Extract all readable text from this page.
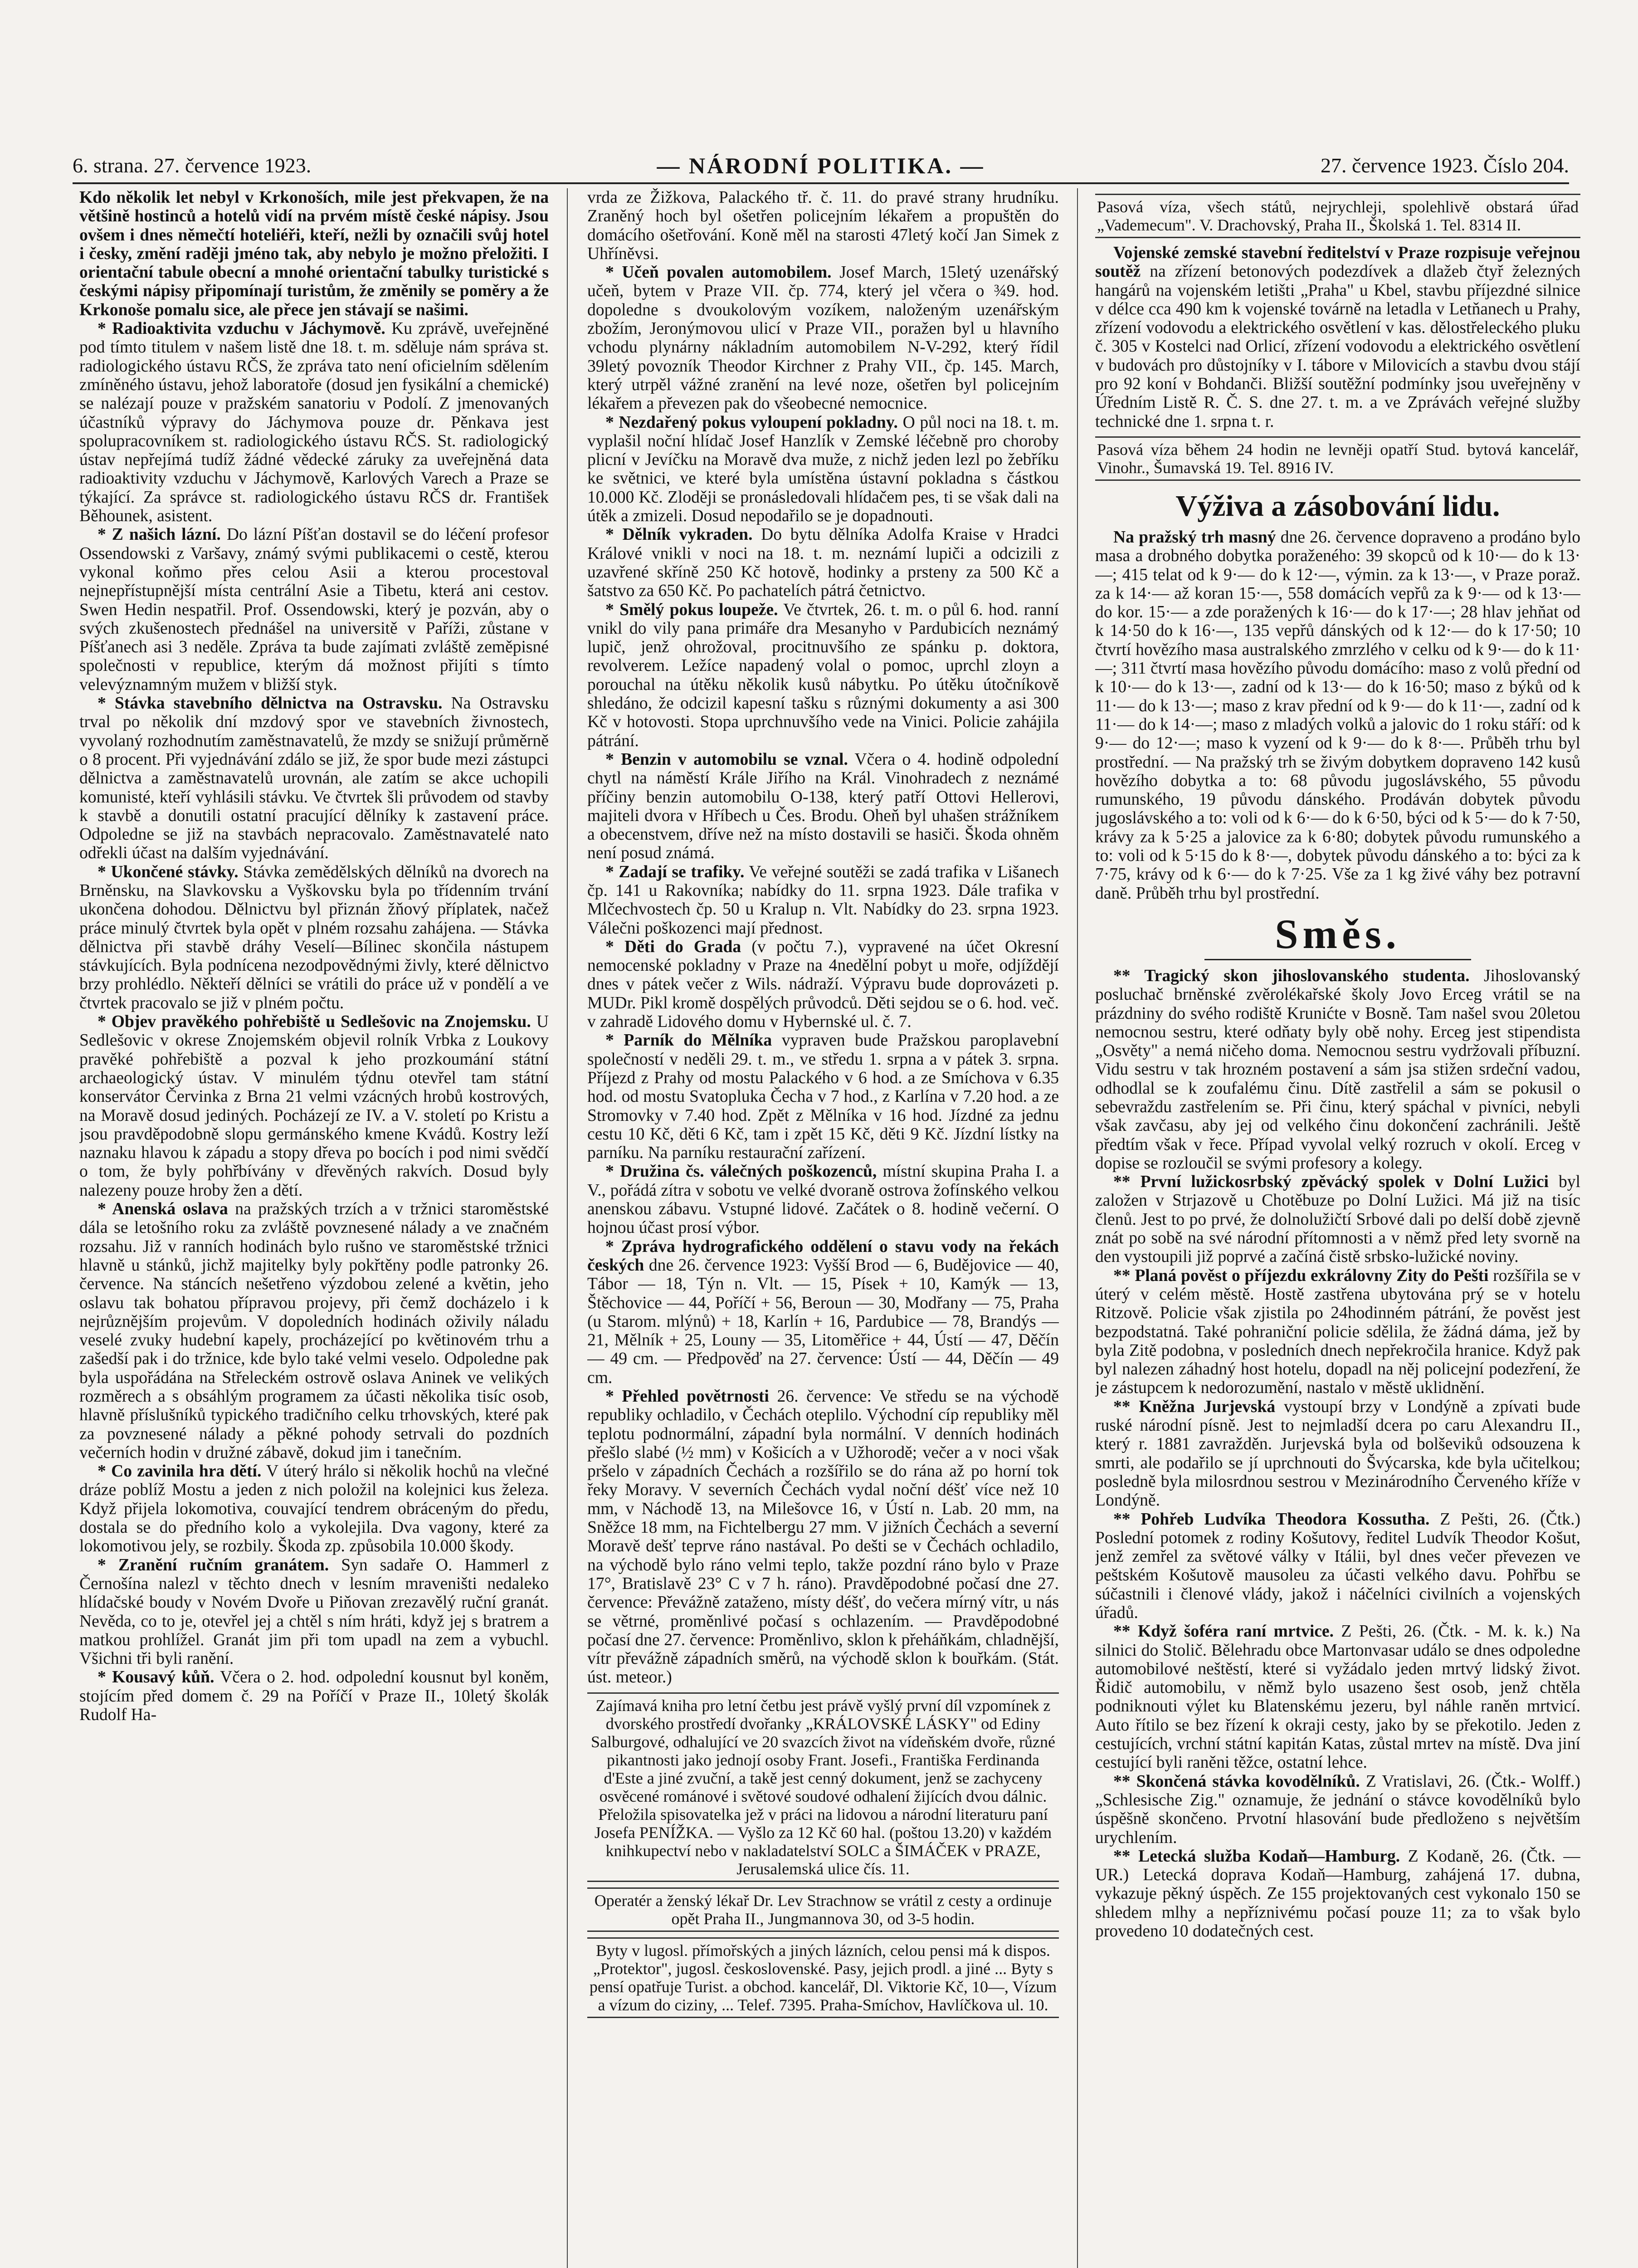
6. strana. 27. července 1923.	— NÁRODNÍ POLITIKA. —	27. července 1923. Číslo 204.

Kdo několik let nebyl v Krkonoších, mile jest překvapen, že na většině hostinců a hotelů vidí na prvém místě české nápisy. Jsou ovšem i dnes němečtí hoteliéři, kteří, nežli by označili svůj hotel i česky, změní raději jméno tak, aby nebylo je možno přeložiti. I orientační tabule obecní a mnohé orientační tabulky turistické s českými nápisy připomínají turistům, že změnily se poměry a že Krkonoše pomalu sice, ale přece jen stávají se našimi.

* Radioaktivita vzduchu v Jáchymově. Ku zprávě, uveřejněné pod tímto titulem v našem listě dne 18. t. m. sděluje nám správa st. radiologického ústavu RČS, že zpráva tato není oficielním sdělením zmíněného ústavu, jehož laboratoře (dosud jen fysikální a chemické) se nalézají pouze v pražském sanatoriu v Podolí. Z jmenovaných účastníků výpravy do Jáchymova pouze dr. Pěnkava jest spolupracovníkem st. radiologického ústavu RČS. St. radiologický ústav nepřejímá tudíž žádné vědecké záruky za uveřejněná data radioaktivity vzduchu v Jáchymově, Karlových Varech a Praze se týkající. Za správce st. radiologického ústavu RČS dr. František Běhounek, asistent.

* Z našich lázní. Do lázní Píšťan dostavil se do léčení profesor Ossendowski z Varšavy, známý svými publikacemi o cestě, kterou vykonal koňmo přes celou Asii a kterou procestoval nejnepřístupnější místa centrální Asie a Tibetu, která ani cestov. Swen Hedin nespatřil. Prof. Ossendowski, který je pozván, aby o svých zkušenostech přednášel na universitě v Paříži, zůstane v Píšťanech asi 3 neděle. Zpráva ta bude zajímati zvláště zeměpisné společnosti v republice, kterým dá možnost přijíti s tímto velevýznamným mužem v bližší styk.

* Stávka stavebního dělnictva na Ostravsku. Na Ostravsku trval po několik dní mzdový spor ve stavebních živnostech, vyvolaný rozhodnutím zaměstnavatelů, že mzdy se snižují průměrně o 8 procent. Při vyjednávání zdálo se již, že spor bude mezi zástupci dělnictva a zaměstnavatelů urovnán, ale zatím se akce uchopili komunisté, kteří vyhlásili stávku. Ve čtvrtek šli průvodem od stavby k stavbě a donutili ostatní pracující dělníky k zastavení práce. Odpoledne se již na stavbách nepracovalo. Zaměstnavatelé nato odřekli účast na dalším vyjednávání.

* Ukončené stávky. Stávka zemědělských dělníků na dvorech na Brněnsku, na Slavkovsku a Vyškovsku byla po třídenním trvání ukončena dohodou. Dělnictvu byl přiznán žňový příplatek, načež práce minulý čtvrtek byla opět v plném rozsahu zahájena. — Stávka dělnictva při stavbě dráhy Veselí—Bílinec skončila nástupem stávkujících. Byla podnícena nezodpovědnými živly, které dělnictvo brzy prohlédlo. Někteří dělníci se vrátili do práce už v pondělí a ve čtvrtek pracovalo se již v plném počtu.

* Objev pravěkého pohřebiště u Sedlešovic na Znojemsku. U Sedlešovic v okrese Znojemském objevil rolník Vrbka z Loukovy pravěké pohřebiště a pozval k jeho prozkoumání státní archaeologický ústav. V minulém týdnu otevřel tam státní konservátor Červinka z Brna 21 velmi vzácných hrobů kostrových, na Moravě dosud jediných. Pocházejí ze IV. a V. století po Kristu a jsou pravděpodobně slopu germánského kmene Kvádů. Kostry leží naznaku hlavou k západu a stopy dřeva po bocích i pod nimi svědčí o tom, že byly pohřbívány v dřevěných rakvích. Dosud byly nalezeny pouze hroby žen a dětí.

* Anenská oslava na pražských trzích a v tržnici staroměstské dála se letošního roku za zvláště povznesené nálady a ve značném rozsahu. Již v ranních hodinách bylo rušno ve staroměstské tržnici hlavně u stánků, jichž majitelky byly pokřtěny podle patronky 26. července. Na stáncích nešetřeno výzdobou zelené a květin, jeho oslavu tak bohatou přípravou projevy, při čemž docházelo i k nejrůznějším projevům. V dopoledních hodinách oživily náladu veselé zvuky hudební kapely, procházející po květinovém trhu a zašedší pak i do tržnice, kde bylo také velmi veselo. Odpoledne pak byla uspořádána na Střeleckém ostrově oslava Aninek ve velikých rozměrech a s obsáhlým programem za účasti několika tisíc osob, hlavně příslušníků typického tradičního celku trhovských, které pak za povznesené nálady a pěkné pohody setrvali do pozdních večerních hodin v družné zábavě, dokud jim i tanečním.

* Co zavinila hra dětí. V úterý hrálo si několik hochů na vlečné dráze poblíž Mostu a jeden z nich položil na kolejnici kus železa. Když přijela lokomotiva, couvající tendrem obráceným do předu, dostala se do předního kolo a vykolejila. Dva vagony, které za lokomotivou jely, se rozbily. Škoda zp. způsobila 10.000 škody.

* Zranění ručním granátem. Syn sadaře O. Hammerl z Černošína nalezl v těchto dnech v lesním mraveništi nedaleko hlídačské boudy v Novém Dvoře u Piňovan zrezavělý ruční granát. Nevěda, co to je, otevřel jej a chtěl s ním hráti, když jej s bratrem a matkou prohlížel. Granát jim při tom upadl na zem a vybuchl. Všichni tři byli ranění.

* Kousavý kůň. Včera o 2. hod. odpolední kousnut byl koněm, stojícím před domem č. 29 na Poříčí v Praze II., 10letý školák Rudolf Ha-

vrda ze Žižkova, Palackého tř. č. 11. do pravé strany hrudníku. Zraněný hoch byl ošetřen policejním lékařem a propuštěn do domácího ošetřování. Koně měl na starosti 47letý kočí Jan Simek z Uhříněvsi.

* Učeň povalen automobilem. Josef March, 15letý uzenářský učeň, bytem v Praze VII. čp. 774, který jel včera o ¾9. hod. dopoledne s dvoukolovým vozíkem, naloženým uzenářským zbožím, Jeronýmovou ulicí v Praze VII., poražen byl u hlavního vchodu plynárny nákladním automobilem N-V-292, který řídil 39letý povozník Theodor Kirchner z Prahy VII., čp. 145. March, který utrpěl vážné zranění na levé noze, ošetřen byl policejním lékařem a převezen pak do všeobecné nemocnice.

* Nezdařený pokus vyloupení pokladny. O půl noci na 18. t. m. vyplašil noční hlídač Josef Hanzlík v Zemské léčebně pro choroby plicní v Jevíčku na Moravě dva muže, z nichž jeden lezl po žebříku ke světnici, ve které byla umístěna ústavní pokladna s částkou 10.000 Kč. Zloději se pronásledovali hlídačem pes, ti se však dali na útěk a zmizeli. Dosud nepodařilo se je dopadnouti.

* Dělník vykraden. Do bytu dělníka Adolfa Kraise v Hradci Králové vnikli v noci na 18. t. m. neznámí lupiči a odcizili z uzavřené skříně 250 Kč hotově, hodinky a prsteny za 500 Kč a šatstvo za 650 Kč. Po pachatelích pátrá četnictvo.

* Smělý pokus loupeže. Ve čtvrtek, 26. t. m. o půl 6. hod. ranní vnikl do vily pana primáře dra Mesanyho v Pardubicích neznámý lupič, jenž ohrožoval, procitnuvšího ze spánku p. doktora, revolverem. Ležíce napadený volal o pomoc, uprchl zloyn a porouchal na útěku několik kusů nábytku. Po útěku útočníkově shledáno, že odcizil kapesní tašku s různými dokumenty a asi 300 Kč v hotovosti. Stopa uprchnuvšího vede na Vinici. Policie zahájila pátrání.

* Benzin v automobilu se vznal. Včera o 4. hodině odpolední chytl na náměstí Krále Jiřího na Král. Vinohradech z neznámé příčiny benzin automobilu O-138, který patří Ottovi Hellerovi, majiteli dvora v Hříbech u Čes. Brodu. Oheň byl uhašen strážníkem a obecenstvem, dříve než na místo dostavili se hasiči. Škoda ohněm není posud známá.

* Zadají se trafiky. Ve veřejné soutěži se zadá trafika v Lišanech čp. 141 u Rakovníka; nabídky do 11. srpna 1923. Dále trafika v Mlčechvostech čp. 50 u Kralup n. Vlt. Nabídky do 23. srpna 1923. Válečni poškozenci mají přednost.

* Děti do Grada (v počtu 7.), vypravené na účet Okresní nemocenské pokladny v Praze na 4nedělní pobyt u moře, odjíždějí dnes v pátek večer z Wils. nádraží. Výpravu bude doprovázeti p. MUDr. Pikl kromě dospělých průvodců. Děti sejdou se o 6. hod. več. v zahradě Lidového domu v Hybernské ul. č. 7.

* Parník do Mělníka vypraven bude Pražskou paroplavební společností v neděli 29. t. m., ve středu 1. srpna a v pátek 3. srpna. Příjezd z Prahy od mostu Palackého v 6 hod. a ze Smíchova v 6.35 hod. od mostu Svatopluka Čecha v 7 hod., z Karlína v 7.20 hod. a ze Stromovky v 7.40 hod. Zpět z Mělníka v 16 hod. Jízdné za jednu cestu 10 Kč, děti 6 Kč, tam i zpět 15 Kč, děti 9 Kč. Jízdní lístky na parníku. Na parníku restaurační zařízení.

* Družina čs. válečných poškozenců, místní skupina Praha I. a V., pořádá zítra v sobotu ve velké dvoraně ostrova žofínského velkou anenskou zábavu. Vstupné lidové. Začátek o 8. hodině večerní. O hojnou účast prosí výbor.

* Zpráva hydrografického oddělení o stavu vody na řekách českých dne 26. července 1923: Vyšší Brod — 6, Budějovice — 40, Tábor — 18, Týn n. Vlt. — 15, Písek + 10, Kamýk — 13, Štěchovice — 44, Poříčí + 56, Beroun — 30, Modřany — 75, Praha (u Starom. mlýnů) + 18, Karlín + 16, Pardubice — 78, Brandýs — 21, Mělník + 25, Louny — 35, Litoměřice + 44, Ústí — 47, Děčín — 49 cm. — Předpověď na 27. července: Ústí — 44, Děčín — 49 cm.

* Přehled povětrnosti 26. července: Ve středu se na východě republiky ochladilo, v Čechách oteplilo. Východní cíp republiky měl teplotu podnormální, západní byla normální. V denních hodinách přešlo slabé (½ mm) v Košicích a v Užhorodě; večer a v noci však pršelo v západních Čechách a rozšířilo se do rána až po horní tok řeky Moravy. V severních Čechách vydal noční déšť více než 10 mm, v Náchodě 13, na Milešovce 16, v Ústí n. Lab. 20 mm, na Sněžce 18 mm, na Fichtelbergu 27 mm. V jižních Čechách a severní Moravě dešť teprve ráno nastával. Po dešti se v Čechách ochladilo, na východě bylo ráno velmi teplo, takže pozdní ráno bylo v Praze 17°, Bratislavě 23° C v 7 h. ráno). Pravděpodobné počasí dne 27. července: Převážně zataženo, místy déšť, do večera mírný vítr, u nás se větrné, proměnlivé počasí s ochlazením. — Pravděpodobné počasí dne 27. července: Proměnlivo, sklon k přeháňkám, chladnější, vítr převážně západních směrů, na východě sklon k bouřkám. (Stát. úst. meteor.)

Zajímavá kniha pro letní četbu jest právě vyšlý první díl vzpomínek z dvorského prostředí dvořanky „KRÁLOVSKÉ LÁSKY" od Ediny Salburgové, odhalující ve 20 svazcích život na vídeňském dvoře, různé pikantnosti jako jednojí osoby Frant. Josefi., Františka Ferdinanda d'Este a jiné zvuční, a takě jest cenný dokument, jenž se zachyceny osvěcené románové i světové soudové odhalení žijících dvou dálnic. Přeložila spisovatelka jež v práci na lidovou a národní literaturu paní Josefa PENÍŽKA. — Vyšlo za 12 Kč 60 hal. (poštou 13.20) v každém knihkupectví nebo v nakladatelství SOLC a ŠIMÁČEK v PRAZE, Jerusalemská ulice čís. 11.
Operatér a ženský lékař Dr. Lev Strachnow se vrátil z cesty a ordinuje opět Praha II., Jungmannova 30, od 3-5 hodin.
Byty v lugosl. přímořských a jiných lázních, celou pensi má k dispos. „Protektor", jugosl. československé. Pasy, jejich prodl. a jiné ... Byty s pensí opatřuje Turist. a obchod. kancelář, Dl. Viktorie Kč, 10—, Vízum a vízum do ciziny, ... Telef. 7395. Praha-Smíchov, Havlíčkova ul. 10.
Pasová víza, všech států, nejrychleji, spolehlivě obstará úřad „Vademecum". V. Drachovský, Praha II., Školská 1. Tel. 8314 II.

Vojenské zemské stavební ředitelství v Praze rozpisuje veřejnou soutěž na zřízení betonových podezdívek a dlažeb čtyř železných hangárů na vojenském letišti „Praha" u Kbel, stavbu příjezdné silnice v délce cca 490 km k vojenské továrně na letadla v Letňanech u Prahy, zřízení vodovodu a elektrického osvětlení v kas. dělostřeleckého pluku č. 305 v Kostelci nad Orlicí, zřízení vodovodu a elektrického osvětlení v budovách pro důstojníky v I. tábore v Milovicích a stavbu dvou stájí pro 92 koní v Bohdanči. Bližší soutěžní podmínky jsou uveřejněny v Úředním Listě R. Č. S. dne 27. t. m. a ve Zprávách veřejné služby technické dne 1. srpna t. r.

Pasová víza během 24 hodin ne levněji opatří Stud. bytová kancelář, Vinohr., Šumavská 19. Tel. 8916 IV.
Výživa a zásobování lidu.

Na pražský trh masný dne 26. července dopraveno a prodáno bylo masa a drobného dobytka poraženého: 39 skopců od k 10·— do k 13·—; 415 telat od k 9·— do k 12·—, výmin. za k 13·—, v Praze poraž. za k 14·— až koran 15·—, 558 domácích vepřů za k 9·— od k 13·— do kor. 15·— a zde poražených k 16·— do k 17·—; 28 hlav jehňat od k 14·50 do k 16·—, 135 vepřů dánských od k 12·— do k 17·50; 10 čtvrtí hovězího masa australského zmrzlého v celku od k 9·— do k 11·—; 311 čtvrtí masa hovězího původu domácího: maso z volů přední od k 10·— do k 13·—, zadní od k 13·— do k 16·50; maso z býků od k 11·— do k 13·—; maso z krav přední od k 9·— do k 11·—, zadní od k 11·— do k 14·—; maso z mladých volků a jalovic do 1 roku stáří: od k 9·— do 12·—; maso k vyzení od k 9·— do k 8·—. Průběh trhu byl prostřední. — Na pražský trh se živým dobytkem dopraveno 142 kusů hovězího dobytka a to: 68 původu jugoslávského, 55 původu rumunského, 19 původu dánského. Prodáván dobytek původu jugoslávského a to: voli od k 6·— do k 6·50, býci od k 5·— do k 7·50, krávy za k 5·25 a jalovice za k 6·80; dobytek původu rumunského a to: voli od k 5·15 do k 8·—, dobytek původu dánského a to: býci za k 7·75, krávy od k 6·— do k 7·25. Vše za 1 kg živé váhy bez potravní daně. Průběh trhu byl prostřední.

Směs.

** Tragický skon jihoslovanského studenta. Jihoslovanský posluchač brněnské zvěrolékařské školy Jovo Erceg vrátil se na prázdniny do svého rodiště Krunićte v Bosně. Tam našel svou 20letou nemocnou sestru, které odňaty byly obě nohy. Erceg jest stipendista „Osvěty" a nemá ničeho doma. Nemocnou sestru vydržovali příbuzní. Vidu sestru v tak hrozném postavení a sám jsa stižen srdeční vadou, odhodlal se k zoufalému činu. Dítě zastřelil a sám se pokusil o sebevraždu zastřelením se. Při činu, který spáchal v pivníci, nebyli však zavčasu, aby jej od velkého činu dokončení zachránili. Ještě předtím však v řece. Případ vyvolal velký rozruch v okolí. Erceg v dopise se rozloučil se svými profesory a kolegy.

** První lužickosrbský zpěvácký spolek v Dolní Lužici byl založen v Strjazově u Chotěbuze po Dolní Lužici. Má již na tisíc členů. Jest to po prvé, že dolnolužičtí Srbové dali po delší době zjevně znát po sobě na své národní přítomnosti a v němž před lety svorně na den vystoupili již poprvé a začíná čistě srbsko-lužické noviny.

** Planá pověst o příjezdu exkrálovny Zity do Pešti rozšířila se v úterý v celém městě. Hostě zastřena ubytována prý se v hotelu Ritzově. Policie však zjistila po 24hodinném pátrání, že pověst jest bezpodstatná. Také pohraniční policie sdělila, že žádná dáma, jež by byla Zitě podobna, v posledních dnech nepřekročila hranice. Když pak byl nalezen záhadný host hotelu, dopadl na něj policejní podezření, že je zástupcem k nedorozumění, nastalo v městě uklidnění.

** Kněžna Jurjevská vystoupí brzy v Londýně a zpívati bude ruské národní písně. Jest to nejmladší dcera po caru Alexandru II., který r. 1881 zavražděn. Jurjevská byla od bolševiků odsouzena k smrti, ale podařilo se jí uprchnouti do Švýcarska, kde byla učitelkou; posledně byla milosrdnou sestrou v Mezinárodního Červeného kříže v Londýně.

** Pohřeb Ludvíka Theodora Kossutha. Z Pešti, 26. (Čtk.) Poslední potomek z rodiny Košutovy, ředitel Ludvík Theodor Košut, jenž zemřel za světové války v Itálii, byl dnes večer převezen ve peštském Košutově mausoleu za účasti velkého davu. Pohřbu se súčastnili i členové vlády, jakož i náčelníci civilních a vojenských úřadů.

** Když šoféra raní mrtvice. Z Pešti, 26. (Čtk. - M. k. k.) Na silnici do Stolič. Bělehradu obce Martonvasar událo se dnes odpoledne automobilové neštěstí, které si vyžádalo jeden mrtvý lidský život. Řidič automobilu, v němž bylo usazeno šest osob, jenž chtěla podniknouti výlet ku Blatenskému jezeru, byl náhle raněn mrtvicí. Auto řítilo se bez řízení k okraji cesty, jako by se překotilo. Jeden z cestujících, vrchní státní kapitán Katas, zůstal mrtev na místě. Dva jiní cestující byli raněni těžce, ostatní lehce.

** Skončená stávka kovodělníků. Z Vratislavi, 26. (Čtk.- Wolff.) „Schlesische Zig." oznamuje, že jednání o stávce kovodělníků bylo úspěšně skončeno. Prvotní hlasování bude předloženo s největším urychlením.

** Letecká služba Kodaň—Hamburg. Z Kodaně, 26. (Čtk. — UR.) Letecká doprava Kodaň—Hamburg, zahájená 17. dubna, vykazuje pěkný úspěch. Ze 155 projektovaných cest vykonalo 150 se shledem mlhy a nepříznivému počasí pouze 11; za to však bylo provedeno 10 dodatečných cest.
